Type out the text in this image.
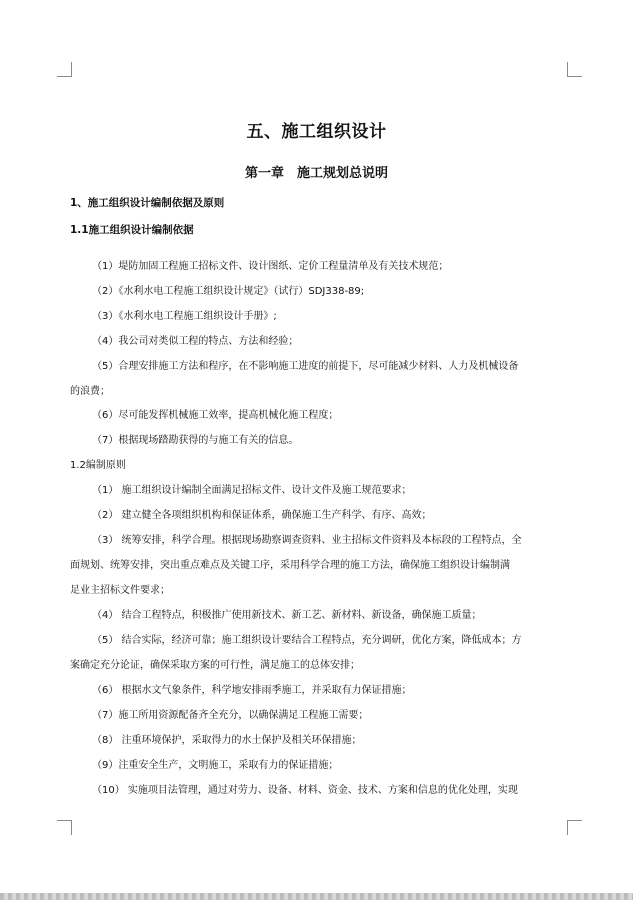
五、施工组织设计
第一章　施工规划总说明
1、施工组织设计编制依据及原则
1.1施工组织设计编制依据
（1）堤防加固工程施工招标文件、设计图纸、定价工程量清单及有关技术规范；
（2）《水利水电工程施工组织设计规定》（试行）SDJ338-89;
（3）《水利水电工程施工组织设计手册》;
（4）我公司对类似工程的特点、方法和经验；
（5）合理安排施工方法和程序，在不影响施工进度的前提下，尽可能减少材料、人力及机械设备
的浪费；
（6）尽可能发挥机械施工效率，提高机械化施工程度；
（7）根据现场踏勘获得的与施工有关的信息。
1.2编制原则
（1） 施工组织设计编制全面满足招标文件、设计文件及施工规范要求；
（2） 建立健全各项组织机构和保证体系，确保施工生产科学、有序、高效；
（3） 统筹安排，科学合理。根据现场勘察调查资料、业主招标文件资料及本标段的工程特点，全
面规划、统筹安排，突出重点难点及关键工序，采用科学合理的施工方法，确保施工组织设计编制满
足业主招标文件要求；
（4） 结合工程特点，积极推广使用新技术、新工艺、新材料、新设备，确保施工质量；
（5） 结合实际，经济可靠；施工组织设计要结合工程特点，充分调研，优化方案，降低成本；方
案确定充分论证，确保采取方案的可行性，满足施工的总体安排；
（6） 根据水文气象条件，科学地安排雨季施工，并采取有力保证措施；
（7）施工所用资源配备齐全充分，以确保满足工程施工需要；
（8） 注重环境保护，采取得力的水土保护及相关环保措施；
（9）注重安全生产，文明施工，采取有力的保证措施；
（10） 实施项目法管理，通过对劳力、设备、材料、资金、技术、方案和信息的优化处理，实现
